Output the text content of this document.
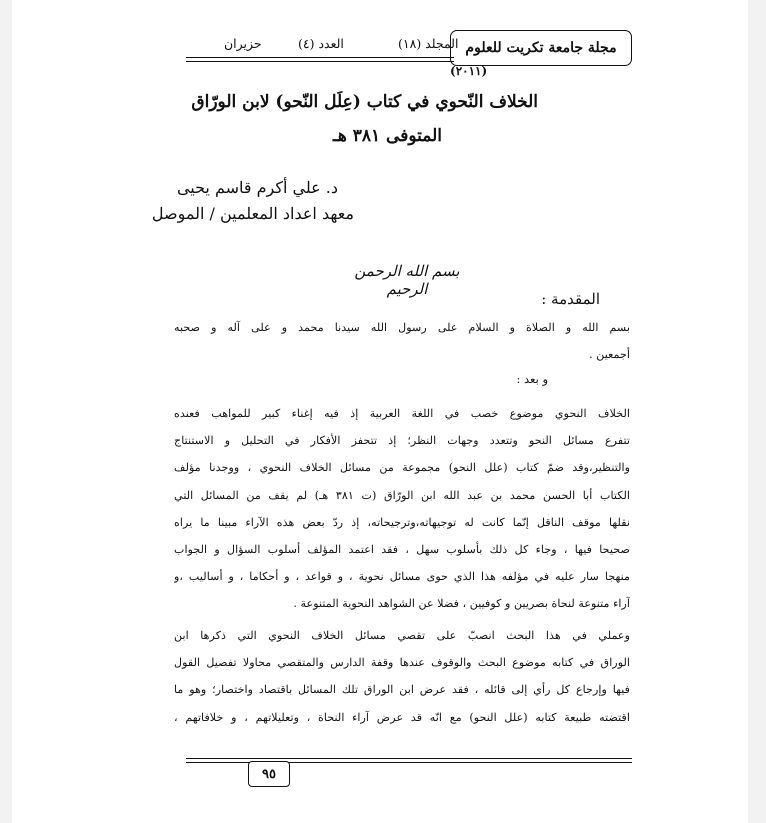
مجلة جامعة تكريت للعلوم
المجلد (١٨)
العدد (٤)
حزيران
(٢٠١١)
الخلاف النّحوي في كتاب (عِلَل النّحو) لابن الورّاق
المتوفى ٣٨١ هـ
د. علي أكرم قاسم يحيى
معهد اعداد المعلمين / الموصل
بسم الله الرحمن الرحيم
المقدمة :
بسم الله و الصلاة و السلام على رسول الله سيدنا محمد و على آله و صحبه
أجمعين .
و بعد :
الخلاف النحوي موضوع خصب في اللغة العربية إذ فيه إغناء كبير للمواهب فعنده
تتفرع مسائل النحو وتتعدد وجهات النظر؛ إذ تتحفز الأفكار في التحليل و الاستنتاج
والتنظير،وقد ضمّ كتاب (علل النحو) مجموعة من مسائل الخلاف النحوي ، ووجدنا مؤلف
الكتاب أبا الحسن محمد بن عبد الله ابن الورّاق (ت ٣٨١ هـ) لم يقف من المسائل التي
نقلها موقف الناقل إنّما كانت له توجيهاته،وترجيحاته، إذ ردّ بعض هذه الآراء مبينا ما يراه
صحيحا فيها ، وجاء كل ذلك بأسلوب سهل ، فقد اعتمد المؤلف أسلوب السؤال و الجواب
منهجا سار عليه في مؤلفه هذا الذي حوى مسائل نحوية ، و قواعد ، و أحكاما ، و أساليب ،و
آراء متنوعة لنحاة بصريين و كوفيين ، فضلا عن الشواهد النحوية المتنوعة .
وعملي في هذا البحث انصبّ على تقصي مسائل الخلاف النحوي التي ذكرها ابن
الوراق في كتابه موضوع البحث والوقوف عندها وقفة الدارس والمتقصي محاولا تفصيل القول
فيها وإرجاع كل رأي إلى قائله ، فقد عرض ابن الوراق تلك المسائل باقتصاد واختصار؛ وهو ما
اقتضته طبيعة كتابه (علل النحو) مع انّه قد عرض آراء النحاة ، وتعليلاتهم ، و خلافاتهم ،
٩٥
